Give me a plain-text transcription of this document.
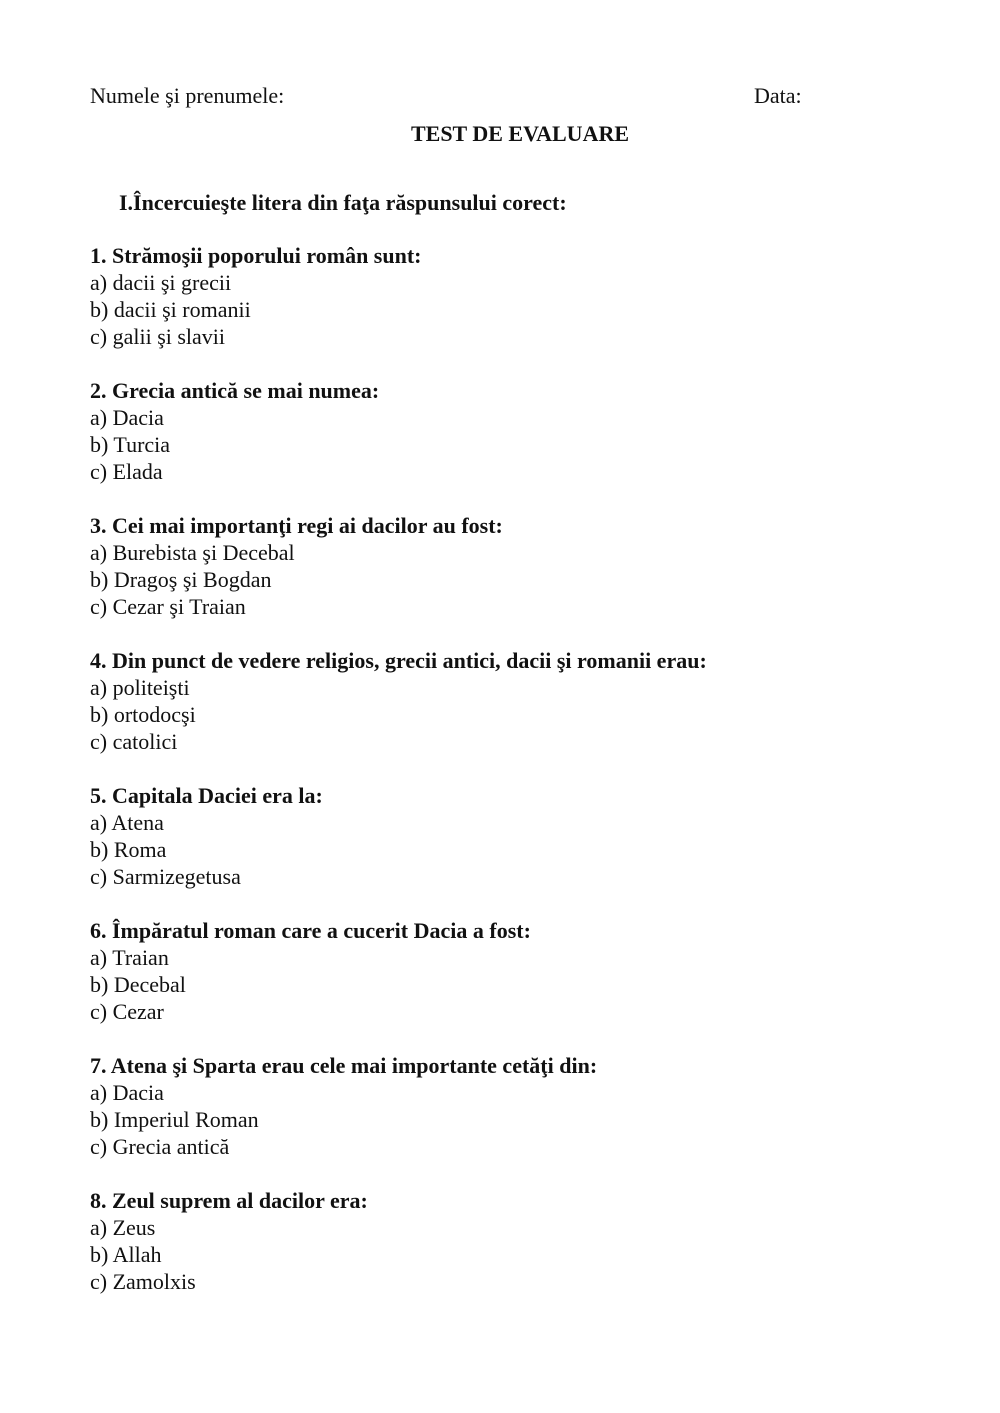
Numele şi prenumele:	Data:
TEST DE EVALUARE
I.Încercuieşte litera din faţa răspunsului corect:
1. Strămoşii poporului român sunt:
a) dacii şi grecii
b) dacii şi romanii
c) galii şi slavii
2. Grecia antică se mai numea:
a) Dacia
b) Turcia
c) Elada
3. Cei mai importanţi regi ai dacilor au fost:
a) Burebista şi Decebal
b) Dragoş şi Bogdan
c) Cezar şi Traian
4. Din punct de vedere religios, grecii antici, dacii şi romanii erau:
a) politeişti
b) ortodocşi
c) catolici
5. Capitala Daciei era la:
a) Atena
b) Roma
c) Sarmizegetusa
6. Împăratul roman care a cucerit Dacia a fost:
a) Traian
b) Decebal
c) Cezar
7. Atena şi Sparta erau cele mai importante cetăţi din:
a) Dacia
b) Imperiul Roman
c) Grecia antică
8. Zeul suprem al dacilor era:
a) Zeus
b) Allah
c) Zamolxis
